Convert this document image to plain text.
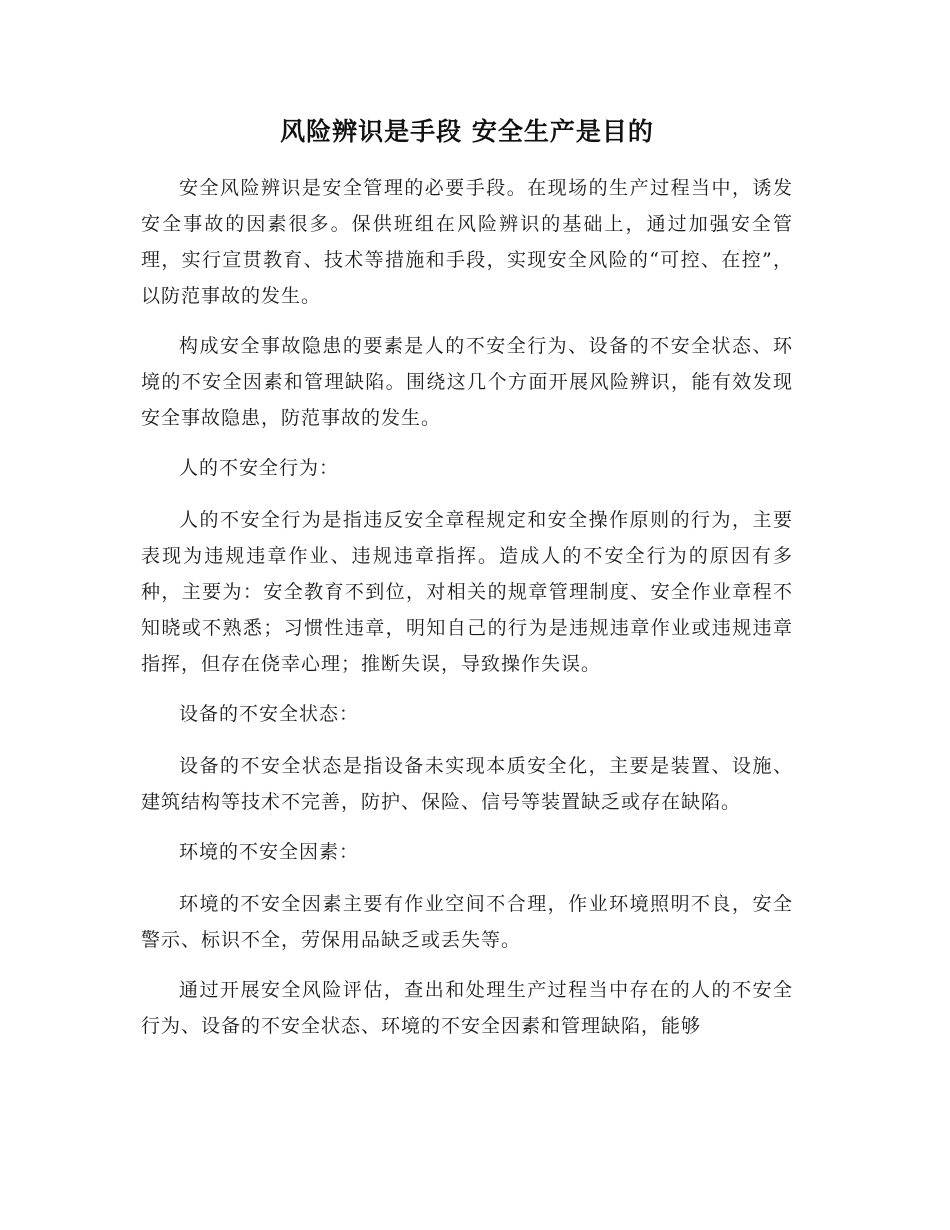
风险辨识是手段 安全生产是目的

安全风险辨识是安全管理的必要手段。在现场的生产过程当中，诱发安全事故的因素很多。保供班组在风险辨识的基础上，通过加强安全管理，实行宣贯教育、技术等措施和手段，实现安全风险的“可控、在控”，以防范事故的发生。

构成安全事故隐患的要素是人的不安全行为、设备的不安全状态、环境的不安全因素和管理缺陷。围绕这几个方面开展风险辨识，能有效发现安全事故隐患，防范事故的发生。

人的不安全行为：

人的不安全行为是指违反安全章程规定和安全操作原则的行为，主要表现为违规违章作业、违规违章指挥。造成人的不安全行为的原因有多种，主要为：安全教育不到位，对相关的规章管理制度、安全作业章程不知晓或不熟悉；习惯性违章，明知自己的行为是违规违章作业或违规违章指挥，但存在侥幸心理；推断失误，导致操作失误。

设备的不安全状态：

设备的不安全状态是指设备未实现本质安全化，主要是装置、设施、建筑结构等技术不完善，防护、保险、信号等装置缺乏或存在缺陷。

环境的不安全因素：

环境的不安全因素主要有作业空间不合理，作业环境照明不良，安全警示、标识不全，劳保用品缺乏或丢失等。

通过开展安全风险评估，查出和处理生产过程当中存在的人的不安全行为、设备的不安全状态、环境的不安全因素和管理缺陷，能够
